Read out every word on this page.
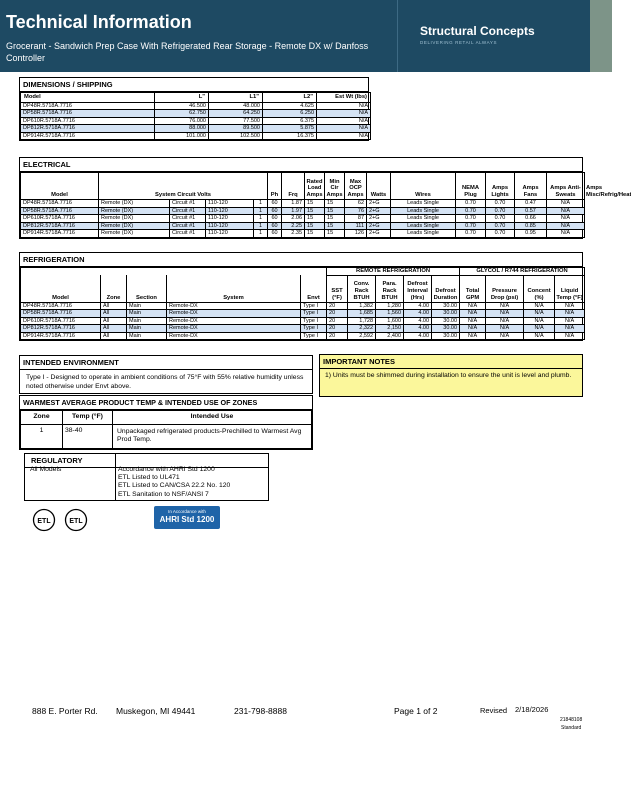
Technical Information
Grocerant - Sandwich Prep Case With Refrigerated Rear Storage - Remote DX w/ Danfoss Controller
Structural Concepts
DELIVERING RETAIL ALWAYS
DIMENSIONS / SHIPPING
Model	L"	L1"	L2"	Est Wt (lbs)
DP48R.5718A.7716	46.500	48.000	4.625	N/A
DP58R.5718A.7716	62.750	64.250	6.250	N/A
DP610R.5718A.7716	76.000	77.500	6.375	N/A
DP812R.5718A.7716	88.000	89.500	5.875	N/A
DP914R.5718A.7716	101.000	102.500	16.375	N/A
ELECTRICAL
Model	System Circuit Volts				Ph	Frq	Rated Load Amps	Min Cir Amps	Max OCP Amps	Watts	Wires	NEMA Plug	Amps Lights	Amps Fans	Amps Anti-Sweats	Amps Misc/Refrig/Heat
DP48R.5718A.7716	Remote (DX)	Circuit #1	110-120	1	60	1.87	15	15	62	2+G	Leads Single	0.70	0.70	0.47	N/A	
DP58R.5718A.7716	Remote (DX)	Circuit #1	110-120	1	60	1.97	15	15	76	2+G	Leads Single	0.70	0.70	0.57	N/A	
DP610R.5718A.7716	Remote (DX)	Circuit #1	110-120	1	60	2.06	15	15	87	2+G	Leads Single	0.70	0.70	0.66	N/A	
DP812R.5718A.7716	Remote (DX)	Circuit #1	110-120	1	60	2.25	15	15	111	2+G	Leads Single	0.70	0.70	0.85	N/A	
DP914R.5718A.7716	Remote (DX)	Circuit #1	110-120	1	60	2.35	15	15	126	2+G	Leads Single	0.70	0.70	0.95	N/A	
REFRIGERATION
					REMOTE REFRIGERATION					GLYCOL / R744 REFRIGERATION			
Model	Zone	Section	System	Envt	SST (°F)	Conv. Rack BTUH	Para. Rack BTUH	Defrost Interval (Hrs)	Defrost Duration	Total GPM	Pressure Drop (psi)	Concent (%)	Liquid Temp (°F)
DP48R.5718A.7716	All	Main	Remote-DX	Type I	20	1,382	1,280	4.00	30.00	N/A	N/A	N/A	N/A
DP58R.5718A.7716	All	Main	Remote-DX	Type I	20	1,685	1,560	4.00	30.00	N/A	N/A	N/A	N/A
DP610R.5718A.7716	All	Main	Remote-DX	Type I	20	1,728	1,600	4.00	30.00	N/A	N/A	N/A	N/A
DP812R.5718A.7716	All	Main	Remote-DX	Type I	20	2,322	2,150	4.00	30.00	N/A	N/A	N/A	N/A
DP914R.5718A.7716	All	Main	Remote-DX	Type I	20	2,592	2,400	4.00	30.00	N/A	N/A	N/A	N/A
INTENDED ENVIRONMENT
Type I - Designed to operate in ambient conditions of 75°F with 55% relative humidity unless noted otherwise under Envt above.
IMPORTANT NOTES
1) Units must be shimmed during installation to ensure the unit is level and plumb.
WARMEST AVERAGE PRODUCT TEMP & INTENDED USE OF ZONES
Zone	Temp (°F)	Intended Use
1	38-40	Unpackaged refrigerated products-Prechilled to Warmest Avg Prod Temp.
REGULATORY
All Models	Accordance with AHRI Std 1200
ETL Listed to UL471
ETL Listed to CAN/CSA 22.2 No. 120
ETL Sanitation to NSF/ANSI 7
ETL	ETL
In Accordance with
AHRI Std 1200
888 E. Porter Rd. Muskegon, MI 49441	231-798-8888	Page 1 of 2	Revised 2/18/2026
21848108
Standard
